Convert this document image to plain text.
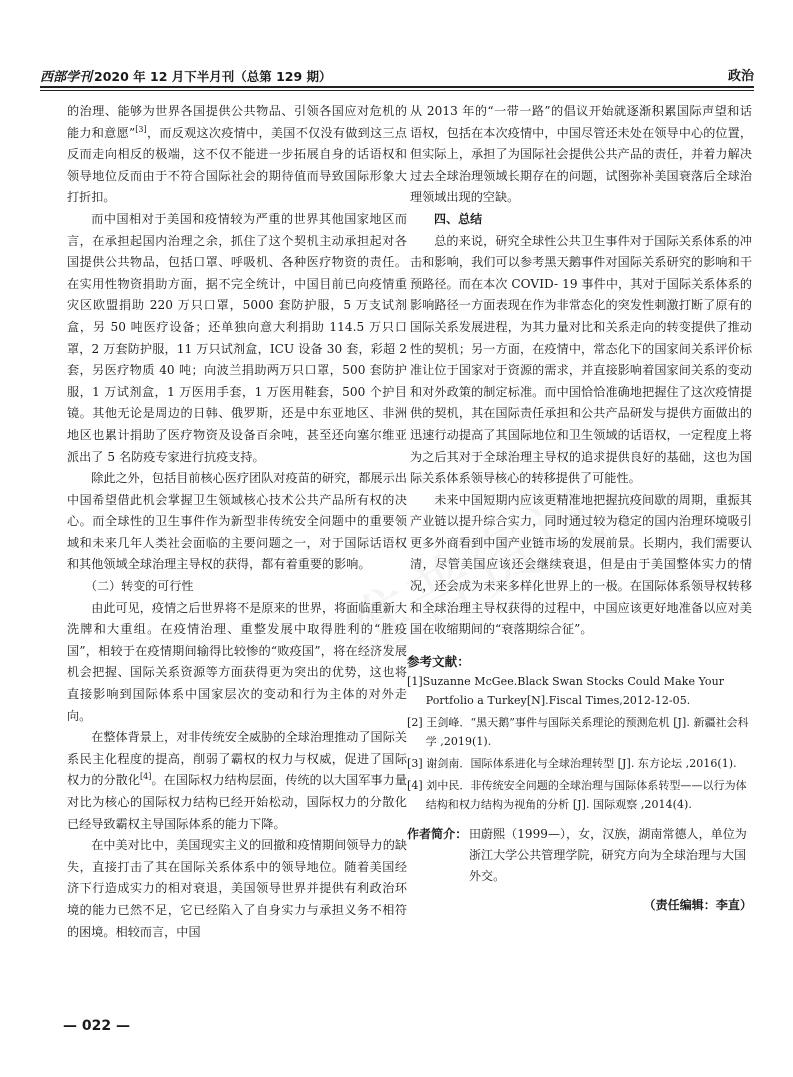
西部学刊 2020 年 12 月下半月刊（总第 129 期）	政治

的治理、能够为世界各国提供公共物品、引领各国应对危机的能力和意愿”[3]，而反观这次疫情中，美国不仅没有做到这三点反而走向相反的极端，这不仅不能进一步拓展自身的话语权和领导地位反而由于不符合国际社会的期待值而导致国际形象大打折扣。

而中国相对于美国和疫情较为严重的世界其他国家地区而言，在承担起国内治理之余，抓住了这个契机主动承担起对各国提供公共物品，包括口罩、呼吸机、各种医疗物资的责任。在实用性物资捐助方面，据不完全统计，中国目前已向疫情重灾区欧盟捐助 220 万只口罩，5000 套防护服，5 万支试剂盒，另 50 吨医疗设备；还单独向意大利捐助 114.5 万只口罩，2 万套防护服，11 万只试剂盒，ICU 设备 30 套，彩超 2 套，另医疗物质 40 吨；向波兰捐助两万只口罩，500 套防护服，1 万试剂盒，1 万医用手套，1 万医用鞋套，500 个护目镜。其他无论是周边的日韩、俄罗斯，还是中东亚地区、非洲地区也累计捐助了医疗物资及设备百余吨，甚至还向塞尔维亚派出了 5 名防疫专家进行抗疫支持。

除此之外，包括目前核心医疗团队对疫苗的研究，都展示出中国希望借此机会掌握卫生领域核心技术公共产品所有权的决心。而全球性的卫生事件作为新型非传统安全问题中的重要领域和未来几年人类社会面临的主要问题之一，对于国际话语权和其他领域全球治理主导权的获得，都有着重要的影响。

（二）转变的可行性

由此可见，疫情之后世界将不是原来的世界，将面临重新大洗牌和大重组。在疫情治理、重整发展中取得胜利的“胜疫国”，相较于在疫情期间输得比较惨的“败疫国”，将在经济发展机会把握、国际关系资源等方面获得更为突出的优势，这也将直接影响到国际体系中国家层次的变动和行为主体的对外走向。

在整体背景上，对非传统安全威胁的全球治理推动了国际关系民主化程度的提高，削弱了霸权的权力与权威，促进了国际权力的分散化[4]。在国际权力结构层面，传统的以大国军事力量对比为核心的国际权力结构已经开始松动，国际权力的分散化已经导致霸权主导国际体系的能力下降。

在中美对比中，美国现实主义的回撤和疫情期间领导力的缺失，直接打击了其在国际关系体系中的领导地位。随着美国经济下行造成实力的相对衰退，美国领导世界并提供有利政治环境的能力已然不足，它已经陷入了自身实力与承担义务不相符的困境。相较而言，中国

从 2013 年的“一带一路”的倡议开始就逐渐积累国际声望和话语权，包括在本次疫情中，中国尽管还未处在领导中心的位置，但实际上，承担了为国际社会提供公共产品的责任，并着力解决过去全球治理领域长期存在的问题，试图弥补美国衰落后全球治理领域出现的空缺。

四、总结

总的来说，研究全球性公共卫生事件对于国际关系体系的冲击和影响，我们可以参考黑天鹅事件对国际关系研究的影响和干预路径。而在本次 COVID- 19 事件中，其对于国际关系体系的影响路径一方面表现在作为非常态化的突发性刺激打断了原有的国际关系发展进程，为其力量对比和关系走向的转变提供了推动性的契机；另一方面，在疫情中，常态化下的国家间关系评价标准让位于国家对于资源的需求，并直接影响着国家间关系的变动和对外政策的制定标准。而中国恰恰准确地把握住了这次疫情提供的契机，其在国际责任承担和公共产品研发与提供方面做出的迅速行动提高了其国际地位和卫生领域的话语权，一定程度上将为之后其对于全球治理主导权的追求提供良好的基础，这也为国际关系体系领导核心的转移提供了可能性。

未来中国短期内应该更精准地把握抗疫间歇的周期，重振其产业链以提升综合实力，同时通过较为稳定的国内治理环境吸引更多外商看到中国产业链市场的发展前景。长期内，我们需要认清，尽管美国应该还会继续衰退，但是由于美国整体实力的情况，还会成为未来多样化世界上的一极。在国际体系领导权转移和全球治理主导权获得的过程中，中国应该更好地准备以应对美国在收缩期间的“衰落期综合征”。

参考文献：
[1]Suzanne McGee.Black Swan Stocks Could Make Your Portfolio a Turkey[N].Fiscal Times,2012-12-05.
[2] 王剑峰．“黑天鹅”事件与国际关系理论的预测危机 [J]. 新疆社会科学 ,2019(1).
[3] 谢剑南．国际体系进化与全球治理转型 [J]. 东方论坛 ,2016(1).
[4] 刘中民．非传统安全问题的全球治理与国际体系转型——以行为体结构和权力结构为视角的分析 [J]. 国际观察 ,2014(4).
作者简介： 田蔚熙（1999—），女，汉族，湖南常德人，单位为浙江大学公共管理学院，研究方向为全球治理与大国外交。
（责任编辑：李直）
— 022 —
